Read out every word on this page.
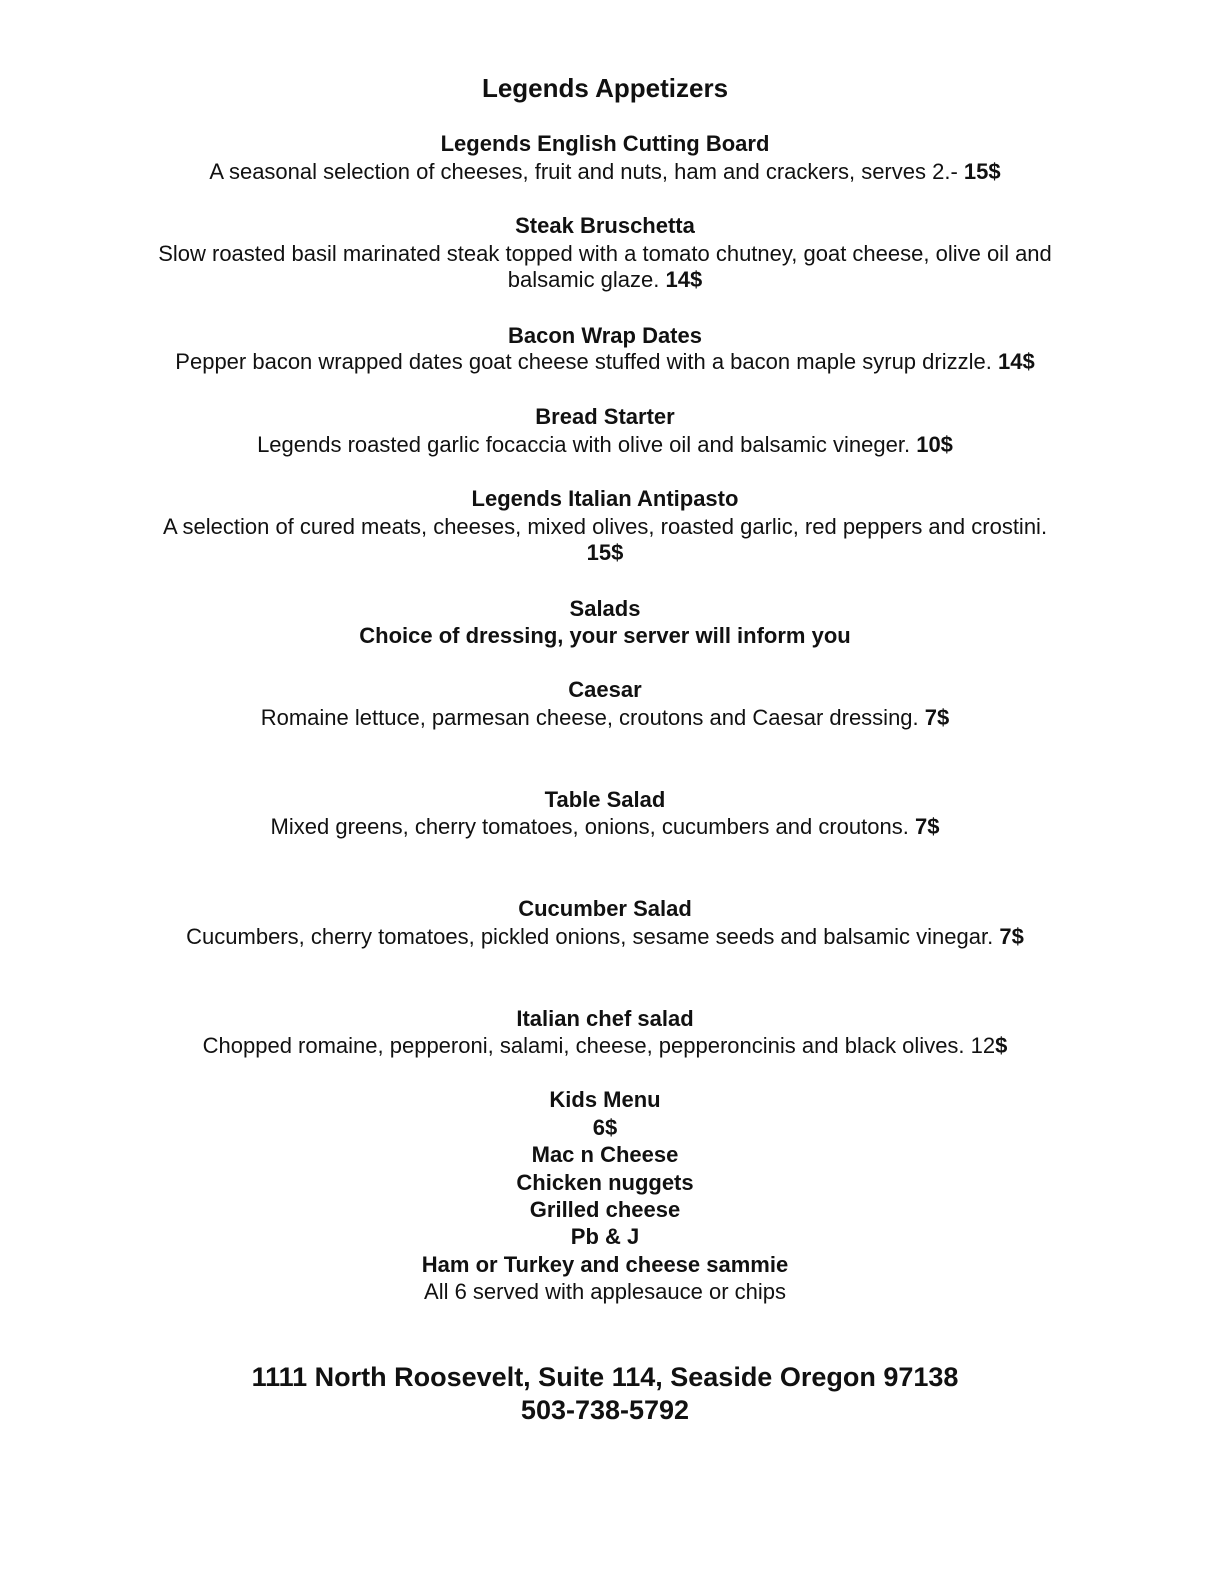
Legends Appetizers
Legends English Cutting Board
A seasonal selection of cheeses, fruit and nuts, ham and crackers, serves 2.- 15$
Steak Bruschetta
Slow roasted basil marinated steak topped with a tomato chutney, goat cheese, olive oil and
balsamic glaze. 14$
Bacon Wrap Dates
Pepper bacon wrapped dates goat cheese stuffed with a bacon maple syrup drizzle. 14$
Bread Starter
Legends roasted garlic focaccia with olive oil and balsamic vineger. 10$
Legends Italian Antipasto
A selection of cured meats, cheeses, mixed olives, roasted garlic, red peppers and crostini.
15$
Salads
Choice of dressing, your server will inform you
Caesar
Romaine lettuce, parmesan cheese, croutons and Caesar dressing. 7$
Table Salad
Mixed greens, cherry tomatoes, onions, cucumbers and croutons. 7$
Cucumber Salad
Cucumbers, cherry tomatoes, pickled onions, sesame seeds and balsamic vinegar. 7$
Italian chef salad
Chopped romaine, pepperoni, salami, cheese, pepperoncinis and black olives. 12$
Kids Menu
6$
Mac n Cheese
Chicken nuggets
Grilled cheese
Pb & J
Ham or Turkey and cheese sammie
All 6 served with applesauce or chips
1111 North Roosevelt, Suite 114, Seaside Oregon 97138
503-738-5792
